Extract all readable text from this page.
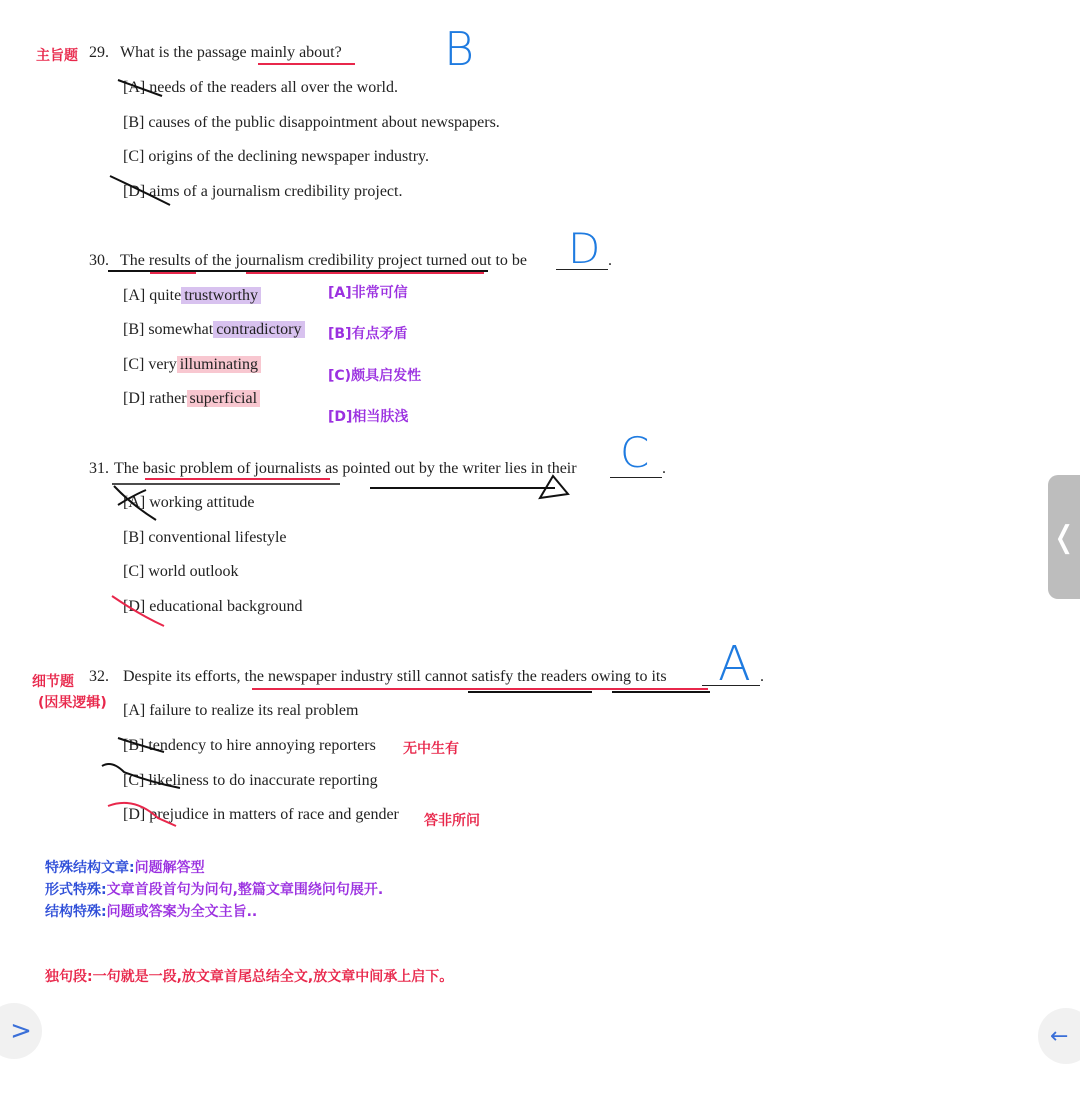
主旨题 29. What is the passage mainly about? B
[A] needs of the readers all over the world.
[B] causes of the public disappointment about newspapers.
[C] origins of the declining newspaper industry.
[D] aims of a journalism credibility project.
30. The results of the journalism credibility project turned out to be	.
D
[A] quite trustworthy
[B] somewhat contradictory
[C] very illuminating
[D] rather superficial
[A]非常可信
[B]有点矛盾
[C)颇具启发性
[D]相当肤浅
31. The basic problem of journalists as pointed out by the writer lies in their	.
C
[A] working attitude
[B] conventional lifestyle
[C] world outlook
[D] educational background
细节题
(因果逻辑)
32. Despite its efforts, the newspaper industry still cannot satisfy the readers owing to its	.
A
[A] failure to realize its real problem
[B] tendency to hire annoying reporters 无中生有
[C] likeliness to do inaccurate reporting
[D] prejudice in matters of race and gender 答非所问
特殊结构文章:问题解答型
形式特殊:文章首段首句为问句,整篇文章围绕问句展开.
结构特殊:问题或答案为全文主旨..
独句段:一句就是一段,放文章首尾总结全文,放文章中间承上启下。
❬
>	←
